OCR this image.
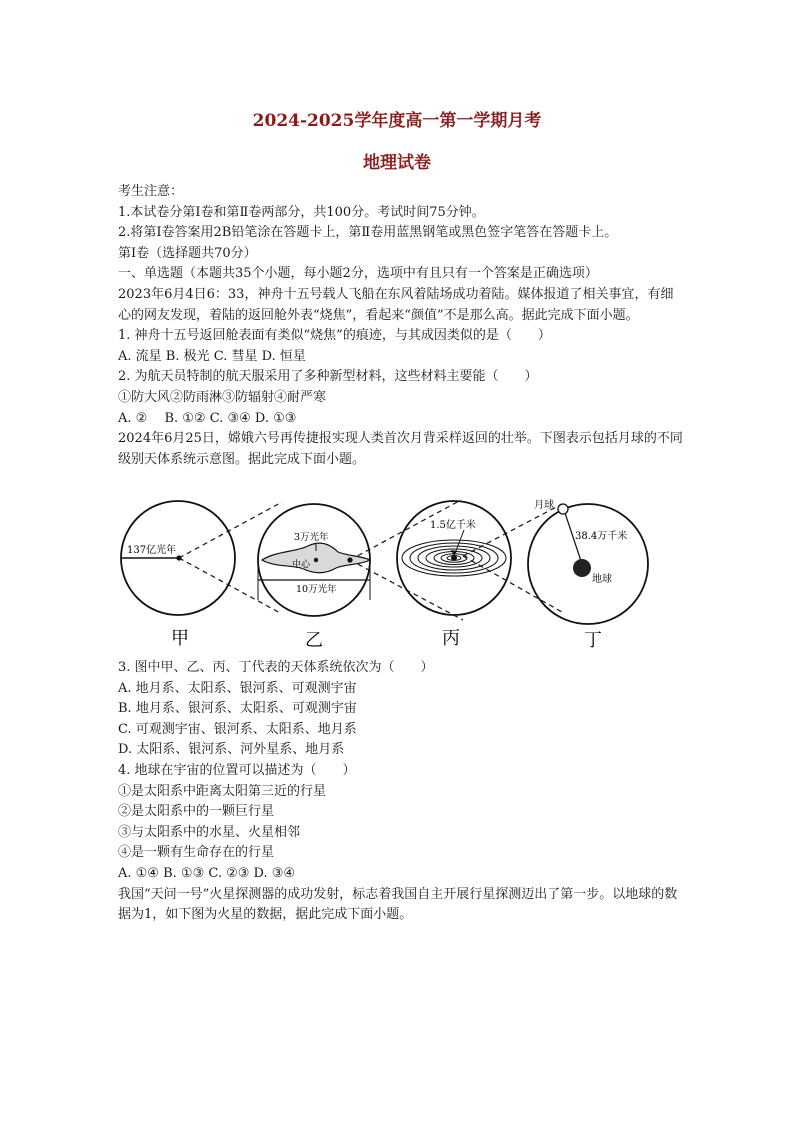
2024-2025学年度高一第一学期月考
地理试卷
考生注意：
1.本试卷分第Ⅰ卷和第Ⅱ卷两部分，共100分。考试时间75分钟。
2.将第Ⅰ卷答案用2B铅笔涂在答题卡上，第Ⅱ卷用蓝黑钢笔或黑色签字笔答在答题卡上。
第Ⅰ卷（选择题共70分）
一、单选题（本题共35个小题，每小题2分，选项中有且只有一个答案是正确选项）
2023年6月4日6：33，神舟十五号载人飞船在东风着陆场成功着陆。媒体报道了相关事宜，有细心的网友发现，着陆的返回舱外表“烧焦”，看起来“颜值”不是那么高。据此完成下面小题。
1. 神舟十五号返回舱表面有类似“烧焦”的痕迹，与其成因类似的是（　　）
A. 流星 B. 极光 C. 彗星 D. 恒星
2. 为航天员特制的航天服采用了多种新型材料，这些材料主要能（　　）
①防大风②防雨淋③防辐射④耐严寒
A. ②　 B. ①② C. ③④ D. ①③
2024年6月25日，嫦娥六号再传捷报实现人类首次月背采样返回的壮举。下图表示包括月球的不同级别天体系统示意图。据此完成下面小题。
137亿光年
甲
3万光年
中心
10万光年
乙
1.5亿千米
丙
月球
38.4万千米
地球
丁
3. 图中甲、乙、丙、丁代表的天体系统依次为（　　）
A. 地月系、太阳系、银河系、可观测宇宙
B. 地月系、银河系、太阳系、可观测宇宙
C. 可观测宇宙、银河系、太阳系、地月系
D. 太阳系、银河系、河外星系、地月系
4. 地球在宇宙的位置可以描述为（　　）
①是太阳系中距离太阳第三近的行星
②是太阳系中的一颗巨行星
③与太阳系中的水星、火星相邻
④是一颗有生命存在的行星
A. ①④ B. ①③ C. ②③ D. ③④
我国“天问一号”火星探测器的成功发射，标志着我国自主开展行星探测迈出了第一步。以地球的数据为1，如下图为火星的数据，据此完成下面小题。
